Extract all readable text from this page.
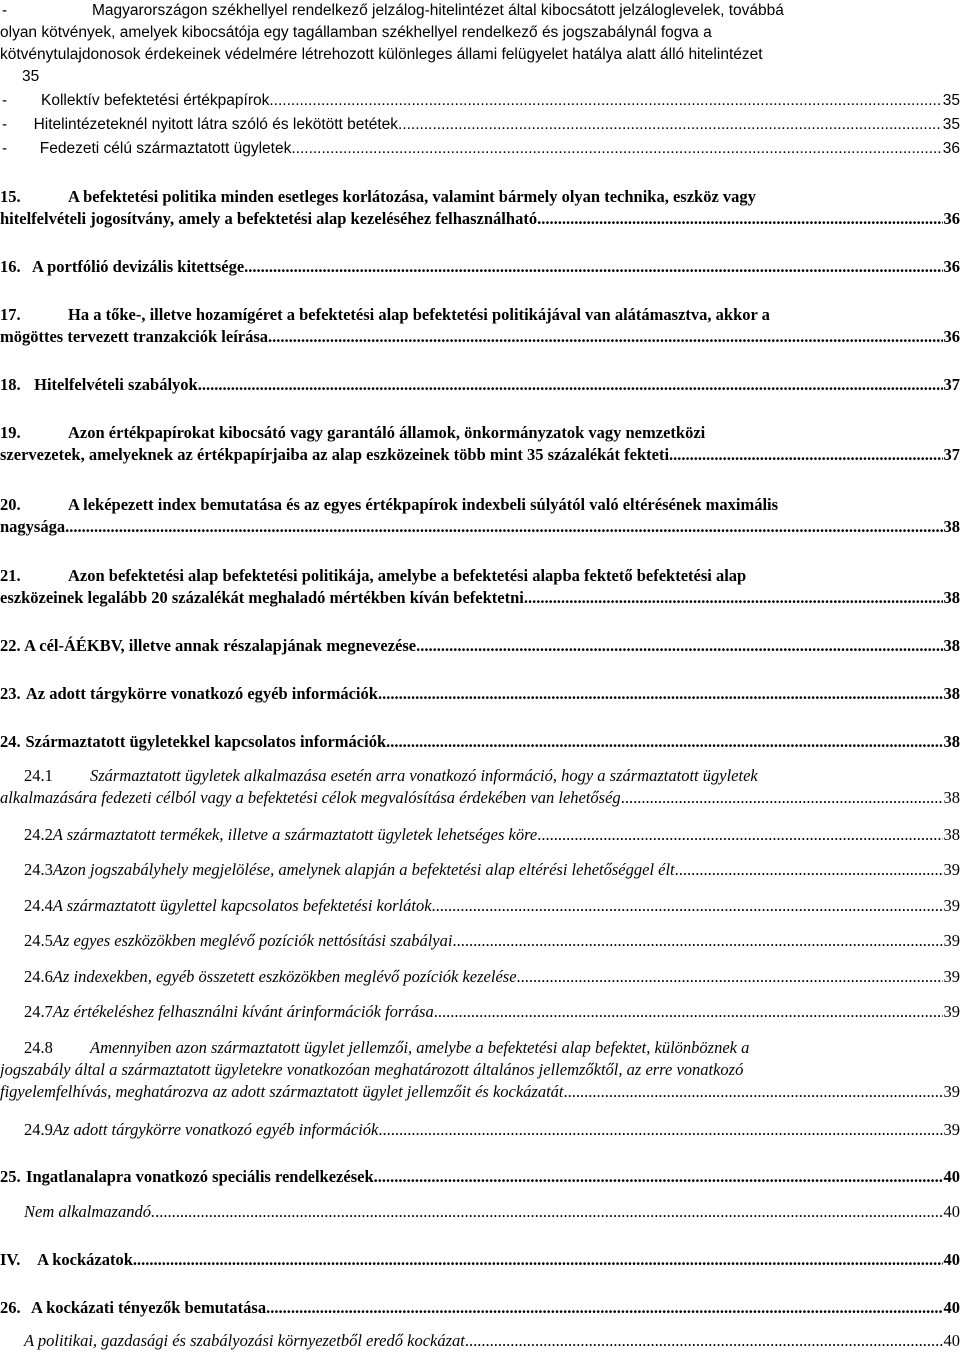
-	Magyarországon székhellyel rendelkező jelzálog-hitelintézet által kibocsátott jelzáloglevelek, továbbá
olyan kötvények, amelyek kibocsátója egy tagállamban székhellyel rendelkező és jogszabálynál fogva a
kötvénytulajdonosok érdekeinek védelmére létrehozott különleges állami felügyelet hatálya alatt álló hitelintézet
35
-	Kollektív befektetési értékpapírok .....	35
-	Hitelintézeteknél nyitott látra szóló és lekötött betétek .....	35
-	Fedezeti célú származtatott ügyletek .....	36
15.	A befektetési politika minden esetleges korlátozása, valamint bármely olyan technika, eszköz vagy
hitelfelvételi jogosítvány, amely a befektetési alap kezeléséhez felhasználható .....	36
16. A portfólió devizális kitettsége .....	36
17.	Ha a tőke-, illetve hozamígéret a befektetési alap befektetési politikájával van alátámasztva, akkor a
mögöttes tervezett tranzakciók leírása .....	36
18. Hitelfelvételi szabályok .....	37
19.	Azon értékpapírokat kibocsátó vagy garantáló államok, önkormányzatok vagy nemzetközi
szervezetek, amelyeknek az értékpapírjaiba az alap eszközeinek több mint 35 százalékát fekteti .....	37
20.	A leképezett index bemutatása és az egyes értékpapírok indexbeli súlyától való eltérésének maximális
nagysága .....	38
21.	Azon befektetési alap befektetési politikája, amelybe a befektetési alapba fektető befektetési alap
eszközeinek legalább 20 százalékát meghaladó mértékben kíván befektetni .....	38
22. A cél-ÁÉKBV, illetve annak részalapjának megnevezése .....	38
23. Az adott tárgykörre vonatkozó egyéb információk .....	38
24. Származtatott ügyletekkel kapcsolatos információk .....	38
24.1	Származtatott ügyletek alkalmazása esetén arra vonatkozó információ, hogy a származtatott ügyletek
alkalmazására fedezeti célból vagy a befektetési célok megvalósítása érdekében van lehetőség .....	38
24.2 A származtatott termékek, illetve a származtatott ügyletek lehetséges köre .....	38
24.3 Azon jogszabályhely megjelölése, amelynek alapján a befektetési alap eltérési lehetőséggel élt .....	39
24.4 A származtatott ügylettel kapcsolatos befektetési korlátok .....	39
24.5 Az egyes eszközökben meglévő pozíciók nettósítási szabályai .....	39
24.6 Az indexekben, egyéb összetett eszközökben meglévő pozíciók kezelése .....	39
24.7 Az értékeléshez felhasználni kívánt árinformációk forrása .....	39
24.8	Amennyiben azon származtatott ügylet jellemzői, amelybe a befektetési alap befektet, különböznek a
jogszabály által a származtatott ügyletekre vonatkozóan meghatározott általános jellemzőktől, az erre vonatkozó
figyelemfelhívás, meghatározva az adott származtatott ügylet jellemzőit és kockázatát .....	39
24.9 Az adott tárgykörre vonatkozó egyéb információk .....	39
25. Ingatlanalapra vonatkozó speciális rendelkezések .....	40
Nem alkalmazandó. .....	40
IV.	A kockázatok .....	40
26. A kockázati tényezők bemutatása .....	40
A politikai, gazdasági és szabályozási környezetből eredő kockázat .....	40
